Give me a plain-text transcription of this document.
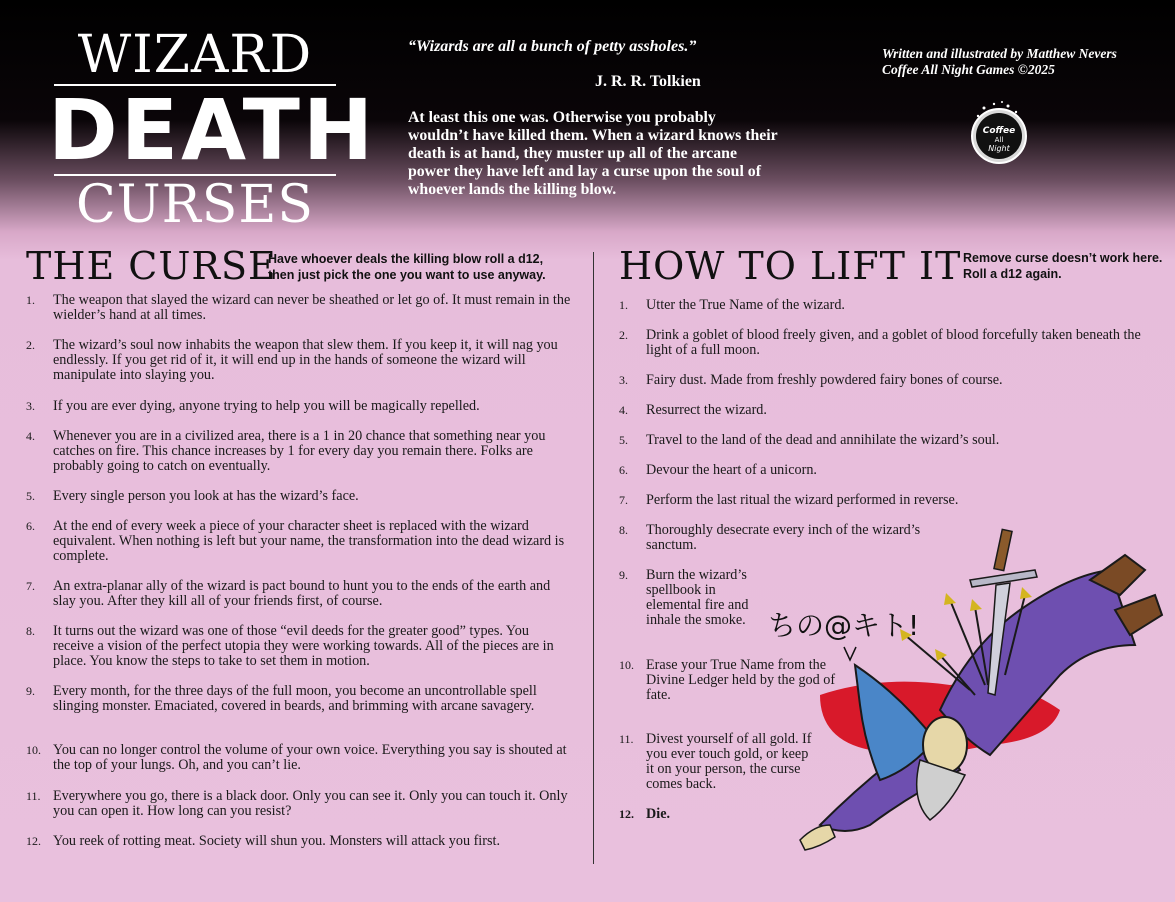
WIZARD
DEATH
CURSES
“Wizards are all a bunch of petty assholes.”
J. R. R. Tolkien
At least this one was. Otherwise you probably wouldn’t have killed them. When a wizard knows their death is at hand, they muster up all of the arcane power they have left and lay a curse upon the soul of whoever lands the killing blow.
Written and illustrated by Matthew Nevers
Coffee All Night Games ©2025
Coffee
All
Night
THE CURSE
Have whoever deals the killing blow roll a d12, then just pick the one you want to use anyway.
1. The weapon that slayed the wizard can never be sheathed or let go of. It must remain in the wielder’s hand at all times.
2. The wizard’s soul now inhabits the weapon that slew them. If you keep it, it will nag you endlessly. If you get rid of it, it will end up in the hands of someone the wizard will manipulate into slaying you.
3. If you are ever dying, anyone trying to help you will be magically repelled.
4. Whenever you are in a civilized area, there is a 1 in 20 chance that something near you catches on fire. This chance increases by 1 for every day you remain there. Folks are probably going to catch on eventually.
5. Every single person you look at has the wizard’s face.
6. At the end of every week a piece of your character sheet is replaced with the wizard equivalent. When nothing is left but your name, the transformation into the dead wizard is complete.
7. An extra-planar ally of the wizard is pact bound to hunt you to the ends of the earth and slay you. After they kill all of your friends first, of course.
8. It turns out the wizard was one of those “evil deeds for the greater good” types. You receive a vision of the perfect utopia they were working towards. All of the pieces are in place. You know the steps to take to set them in motion.
9. Every month, for the three days of the full moon, you become an uncontrollable spell slinging monster. Emaciated, covered in beards, and brimming with arcane savagery.
10. You can no longer control the volume of your own voice. Everything you say is shouted at the top of your lungs. Oh, and you can’t lie.
11. Everywhere you go, there is a black door. Only you can see it. Only you can touch it. Only you can open it. How long can you resist?
12. You reek of rotting meat. Society will shun you. Monsters will attack you first.
HOW TO LIFT IT Remove curse doesn’t work here. Roll a d12 again.
1. Utter the True Name of the wizard.
2. Drink a goblet of blood freely given, and a goblet of blood forcefully taken beneath the light of a full moon.
3. Fairy dust. Made from freshly powdered fairy bones of course.
4. Resurrect the wizard.
5. Travel to the land of the dead and annihilate the wizard’s soul.
6. Devour the heart of a unicorn.
7. Perform the last ritual the wizard performed in reverse.
8. Thoroughly desecrate every inch of the wizard’s sanctum.
9. Burn the wizard’s spellbook in elemental fire and inhale the smoke.
10. Erase your True Name from the Divine Ledger held by the god of fate.
11. Divest yourself of all gold. If you ever touch gold, or keep it on your person, the curse comes back.
12. Die.
ちの@キト!
